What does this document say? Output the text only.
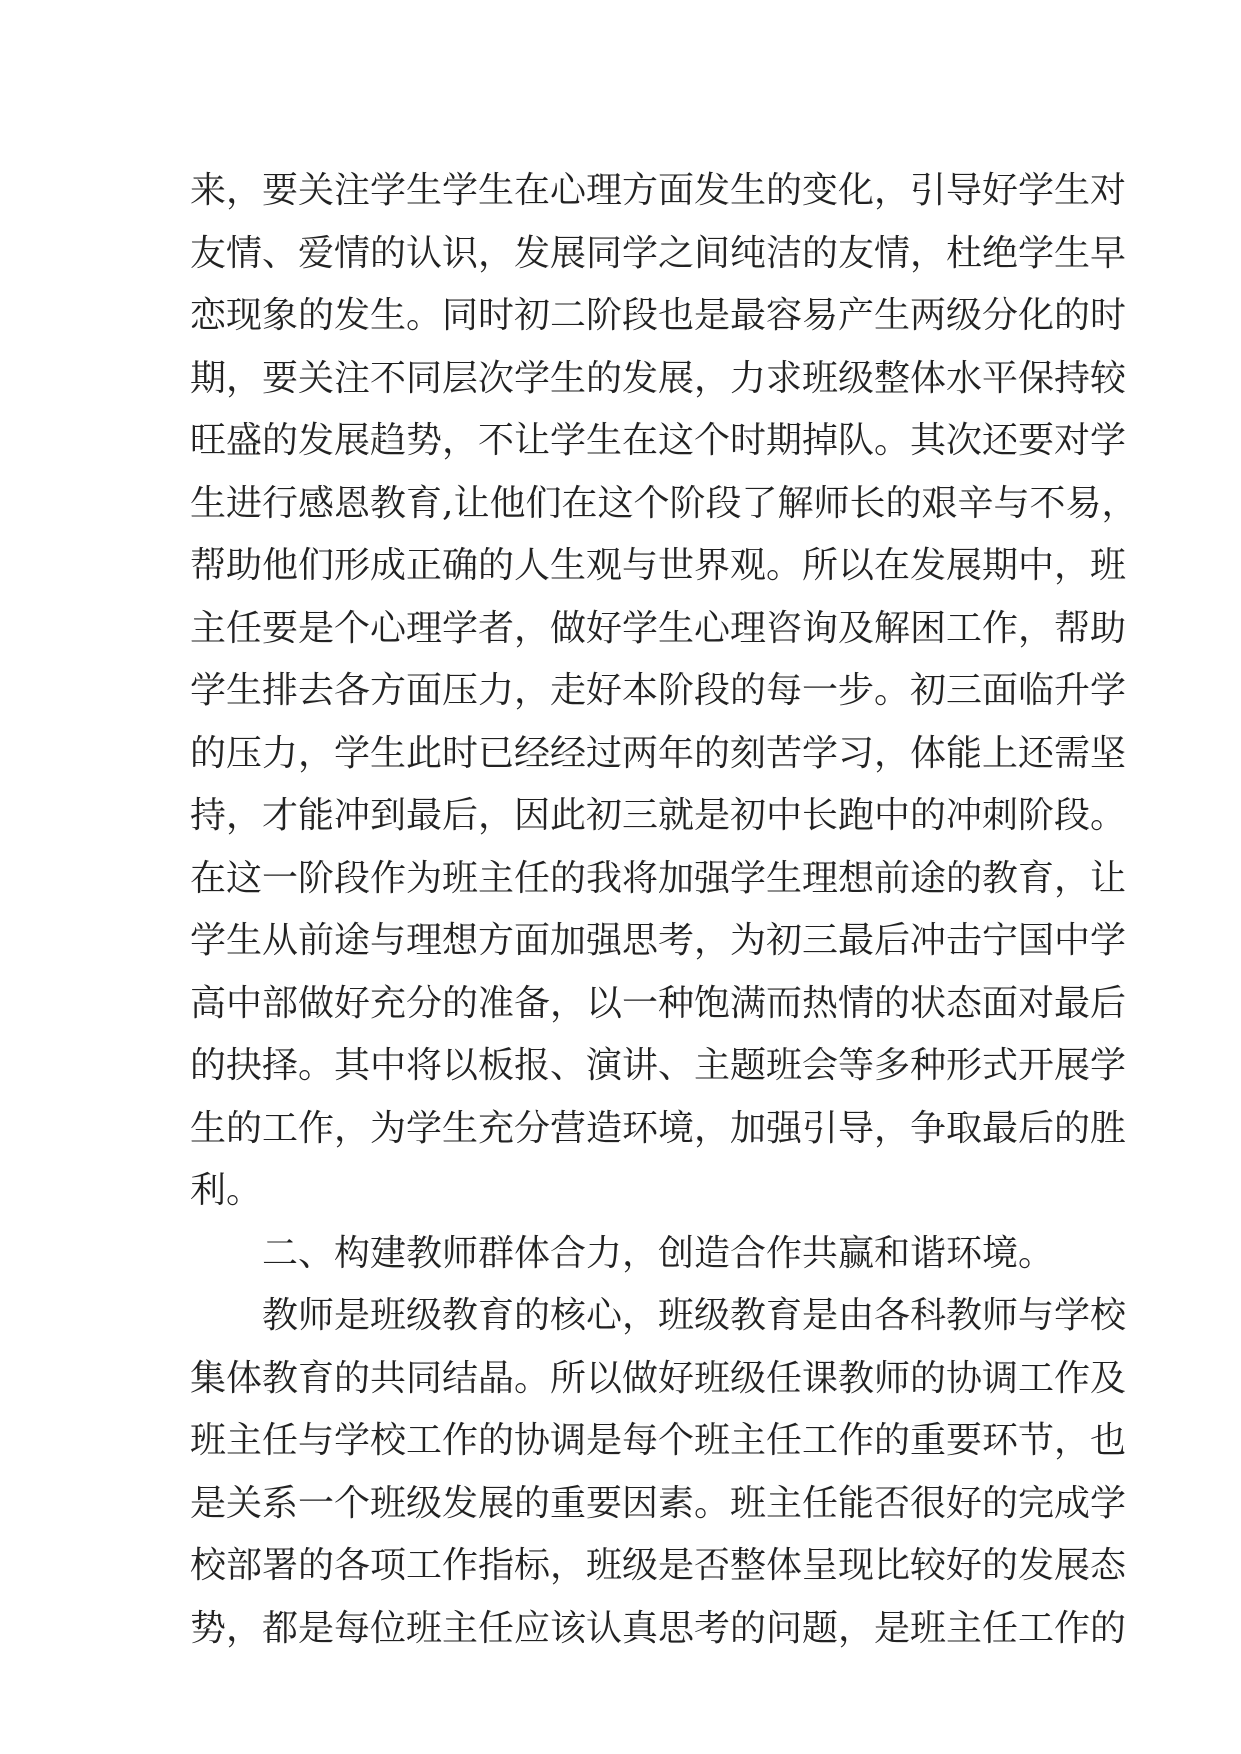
来，要关注学生学生在心理方面发生的变化，引导好学生对

友情、爱情的认识，发展同学之间纯洁的友情，杜绝学生早

恋现象的发生。同时初二阶段也是最容易产生两级分化的时

期，要关注不同层次学生的发展，力求班级整体水平保持较

旺盛的发展趋势，不让学生在这个时期掉队。其次还要对学

生进行感恩教育,让他们在这个阶段了解师长的艰辛与不易，

帮助他们形成正确的人生观与世界观。所以在发展期中，班

主任要是个心理学者，做好学生心理咨询及解困工作，帮助

学生排去各方面压力，走好本阶段的每一步。初三面临升学

的压力，学生此时已经经过两年的刻苦学习，体能上还需坚

持，才能冲到最后，因此初三就是初中长跑中的冲刺阶段。

在这一阶段作为班主任的我将加强学生理想前途的教育，让

学生从前途与理想方面加强思考，为初三最后冲击宁国中学

高中部做好充分的准备，以一种饱满而热情的状态面对最后

的抉择。其中将以板报、演讲、主题班会等多种形式开展学

生的工作，为学生充分营造环境，加强引导，争取最后的胜

利。

二、构建教师群体合力，创造合作共赢和谐环境。

教师是班级教育的核心，班级教育是由各科教师与学校

集体教育的共同结晶。所以做好班级任课教师的协调工作及

班主任与学校工作的协调是每个班主任工作的重要环节，也

是关系一个班级发展的重要因素。班主任能否很好的完成学

校部署的各项工作指标，班级是否整体呈现比较好的发展态

势，都是每位班主任应该认真思考的问题，是班主任工作的
